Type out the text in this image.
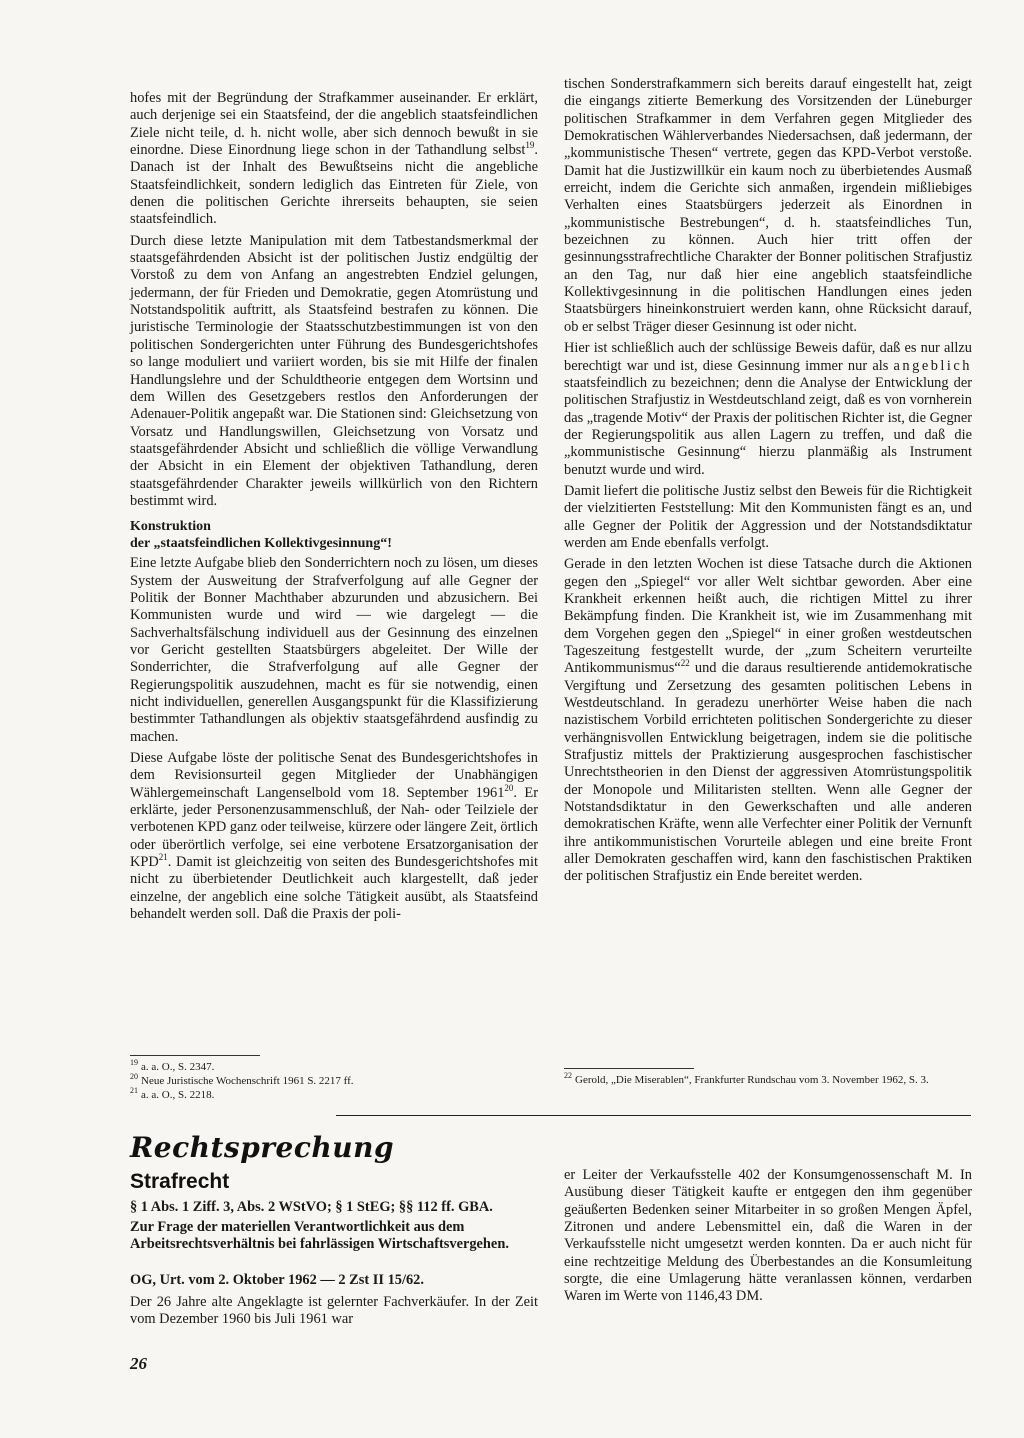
hofes mit der Begründung der Strafkammer auseinander. Er erklärt, auch derjenige sei ein Staatsfeind, der die angeblich staatsfeindlichen Ziele nicht teile, d. h. nicht wolle, aber sich dennoch bewußt in sie einordne. Diese Einordnung liege schon in der Tathandlung selbst$^{19}$. Danach ist der Inhalt des Bewußtseins nicht die angebliche Staatsfeindlichkeit, sondern lediglich das Eintreten für Ziele, von denen die politischen Gerichte ihrerseits behaupten, sie seien staatsfeindlich.

Durch diese letzte Manipulation mit dem Tatbestandsmerkmal der staatsgefährdenden Absicht ist der politischen Justiz endgültig der Vorstoß zu dem von Anfang an angestrebten Endziel gelungen, jedermann, der für Frieden und Demokratie, gegen Atomrüstung und Notstandspolitik auftritt, als Staatsfeind bestrafen zu können. Die juristische Terminologie der Staatsschutzbestimmungen ist von den politischen Sondergerichten unter Führung des Bundesgerichtshofes so lange moduliert und variiert worden, bis sie mit Hilfe der finalen Handlungslehre und der Schuldtheorie entgegen dem Wortsinn und dem Willen des Gesetzgebers restlos den Anforderungen der Adenauer-Politik angepaßt war. Die Stationen sind: Gleichsetzung von Vorsatz und Handlungswillen, Gleichsetzung von Vorsatz und staatsgefährdender Absicht und schließlich die völlige Verwandlung der Absicht in ein Element der objektiven Tathandlung, deren staatsgefährdender Charakter jeweils willkürlich von den Richtern bestimmt wird.

Konstruktion
der „staatsfeindlichen Kollektivgesinnung“!

Eine letzte Aufgabe blieb den Sonderrichtern noch zu lösen, um dieses System der Ausweitung der Strafverfolgung auf alle Gegner der Politik der Bonner Machthaber abzurunden und abzusichern. Bei Kommunisten wurde und wird — wie dargelegt — die Sachverhaltsfälschung individuell aus der Gesinnung des einzelnen vor Gericht gestellten Staatsbürgers abgeleitet. Der Wille der Sonderrichter, die Strafverfolgung auf alle Gegner der Regierungspolitik auszudehnen, macht es für sie notwendig, einen nicht individuellen, generellen Ausgangspunkt für die Klassifizierung bestimmter Tathandlungen als objektiv staatsgefährdend ausfindig zu machen.

Diese Aufgabe löste der politische Senat des Bundesgerichtshofes in dem Revisionsurteil gegen Mitglieder der Unabhängigen Wählergemeinschaft Langenselbold vom 18. September 1961$^{20}$. Er erklärte, jeder Personenzusammenschluß, der Nah- oder Teilziele der verbotenen KPD ganz oder teilweise, kürzere oder längere Zeit, örtlich oder überörtlich verfolge, sei eine verbotene Ersatzorganisation der KPD$^{21}$. Damit ist gleichzeitig von seiten des Bundesgerichtshofes mit nicht zu überbietender Deutlichkeit auch klargestellt, daß jeder einzelne, der angeblich eine solche Tätigkeit ausübt, als Staatsfeind behandelt werden soll. Daß die Praxis der poli-

tischen Sonderstrafkammern sich bereits darauf eingestellt hat, zeigt die eingangs zitierte Bemerkung des Vorsitzenden der Lüneburger politischen Strafkammer in dem Verfahren gegen Mitglieder des Demokratischen Wählerverbandes Niedersachsen, daß jedermann, der „kommunistische Thesen“ vertrete, gegen das KPD-Verbot verstoße. Damit hat die Justizwillkür ein kaum noch zu überbietendes Ausmaß erreicht, indem die Gerichte sich anmaßen, irgendein mißliebiges Verhalten eines Staatsbürgers jederzeit als Einordnen in „kommunistische Bestrebungen“, d. h. staatsfeindliches Tun, bezeichnen zu können. Auch hier tritt offen der gesinnungsstrafrechtliche Charakter der Bonner politischen Strafjustiz an den Tag, nur daß hier eine angeblich staatsfeindliche Kollektivgesinnung in die politischen Handlungen eines jeden Staatsbürgers hineinkonstruiert werden kann, ohne Rücksicht darauf, ob er selbst Träger dieser Gesinnung ist oder nicht.

Hier ist schließlich auch der schlüssige Beweis dafür, daß es nur allzu berechtigt war und ist, diese Gesinnung immer nur als angeblich staatsfeindlich zu bezeichnen; denn die Analyse der Entwicklung der politischen Strafjustiz in Westdeutschland zeigt, daß es von vornherein das „tragende Motiv“ der Praxis der politischen Richter ist, die Gegner der Regierungspolitik aus allen Lagern zu treffen, und daß die „kommunistische Gesinnung“ hierzu planmäßig als Instrument benutzt wurde und wird.

Damit liefert die politische Justiz selbst den Beweis für die Richtigkeit der vielzitierten Feststellung: Mit den Kommunisten fängt es an, und alle Gegner der Politik der Aggression und der Notstandsdiktatur werden am Ende ebenfalls verfolgt.

Gerade in den letzten Wochen ist diese Tatsache durch die Aktionen gegen den „Spiegel“ vor aller Welt sichtbar geworden. Aber eine Krankheit erkennen heißt auch, die richtigen Mittel zu ihrer Bekämpfung finden. Die Krankheit ist, wie im Zusammenhang mit dem Vorgehen gegen den „Spiegel“ in einer großen westdeutschen Tageszeitung festgestellt wurde, der „zum Scheitern verurteilte Antikommunismus“$^{22}$ und die daraus resultierende antidemokratische Vergiftung und Zersetzung des gesamten politischen Lebens in Westdeutschland. In geradezu unerhörter Weise haben die nach nazistischem Vorbild errichteten politischen Sondergerichte zu dieser verhängnisvollen Entwicklung beigetragen, indem sie die politische Strafjustiz mittels der Praktizierung ausgesprochen faschistischer Unrechtstheorien in den Dienst der aggressiven Atomrüstungspolitik der Monopole und Militaristen stellten. Wenn alle Gegner der Notstandsdiktatur in den Gewerkschaften und alle anderen demokratischen Kräfte, wenn alle Verfechter einer Politik der Vernunft ihre antikommunistischen Vorurteile ablegen und eine breite Front aller Demokraten geschaffen wird, kann den faschistischen Praktiken der politischen Strafjustiz ein Ende bereitet werden.

$^{19}$ a. a. O., S. 2347.
$^{20}$ Neue Juristische Wochenschrift 1961 S. 2217 ff.
$^{21}$ a. a. O., S. 2218.
$^{22}$ Gerold, „Die Miserablen“, Frankfurter Rundschau vom 3. November 1962, S. 3.
Rechtsprechung
Strafrecht
§ 1 Abs. 1 Ziff. 3, Abs. 2 WStVO; § 1 StEG; §§ 112 ff. GBA.
Zur Frage der materiellen Verantwortlichkeit aus dem Arbeitsrechtsverhältnis bei fahrlässigen Wirtschaftsvergehen.
OG, Urt. vom 2. Oktober 1962 — 2 Zst II 15/62.

Der 26 Jahre alte Angeklagte ist gelernter Fachverkäufer. In der Zeit vom Dezember 1960 bis Juli 1961 war

er Leiter der Verkaufsstelle 402 der Konsumgenossenschaft M. In Ausübung dieser Tätigkeit kaufte er entgegen den ihm gegenüber geäußerten Bedenken seiner Mitarbeiter in so großen Mengen Äpfel, Zitronen und andere Lebensmittel ein, daß die Waren in der Verkaufsstelle nicht umgesetzt werden konnten. Da er auch nicht für eine rechtzeitige Meldung des Überbestandes an die Konsumleitung sorgte, die eine Umlagerung hätte veranlassen können, verdarben Waren im Werte von 1146,43 DM.

26
